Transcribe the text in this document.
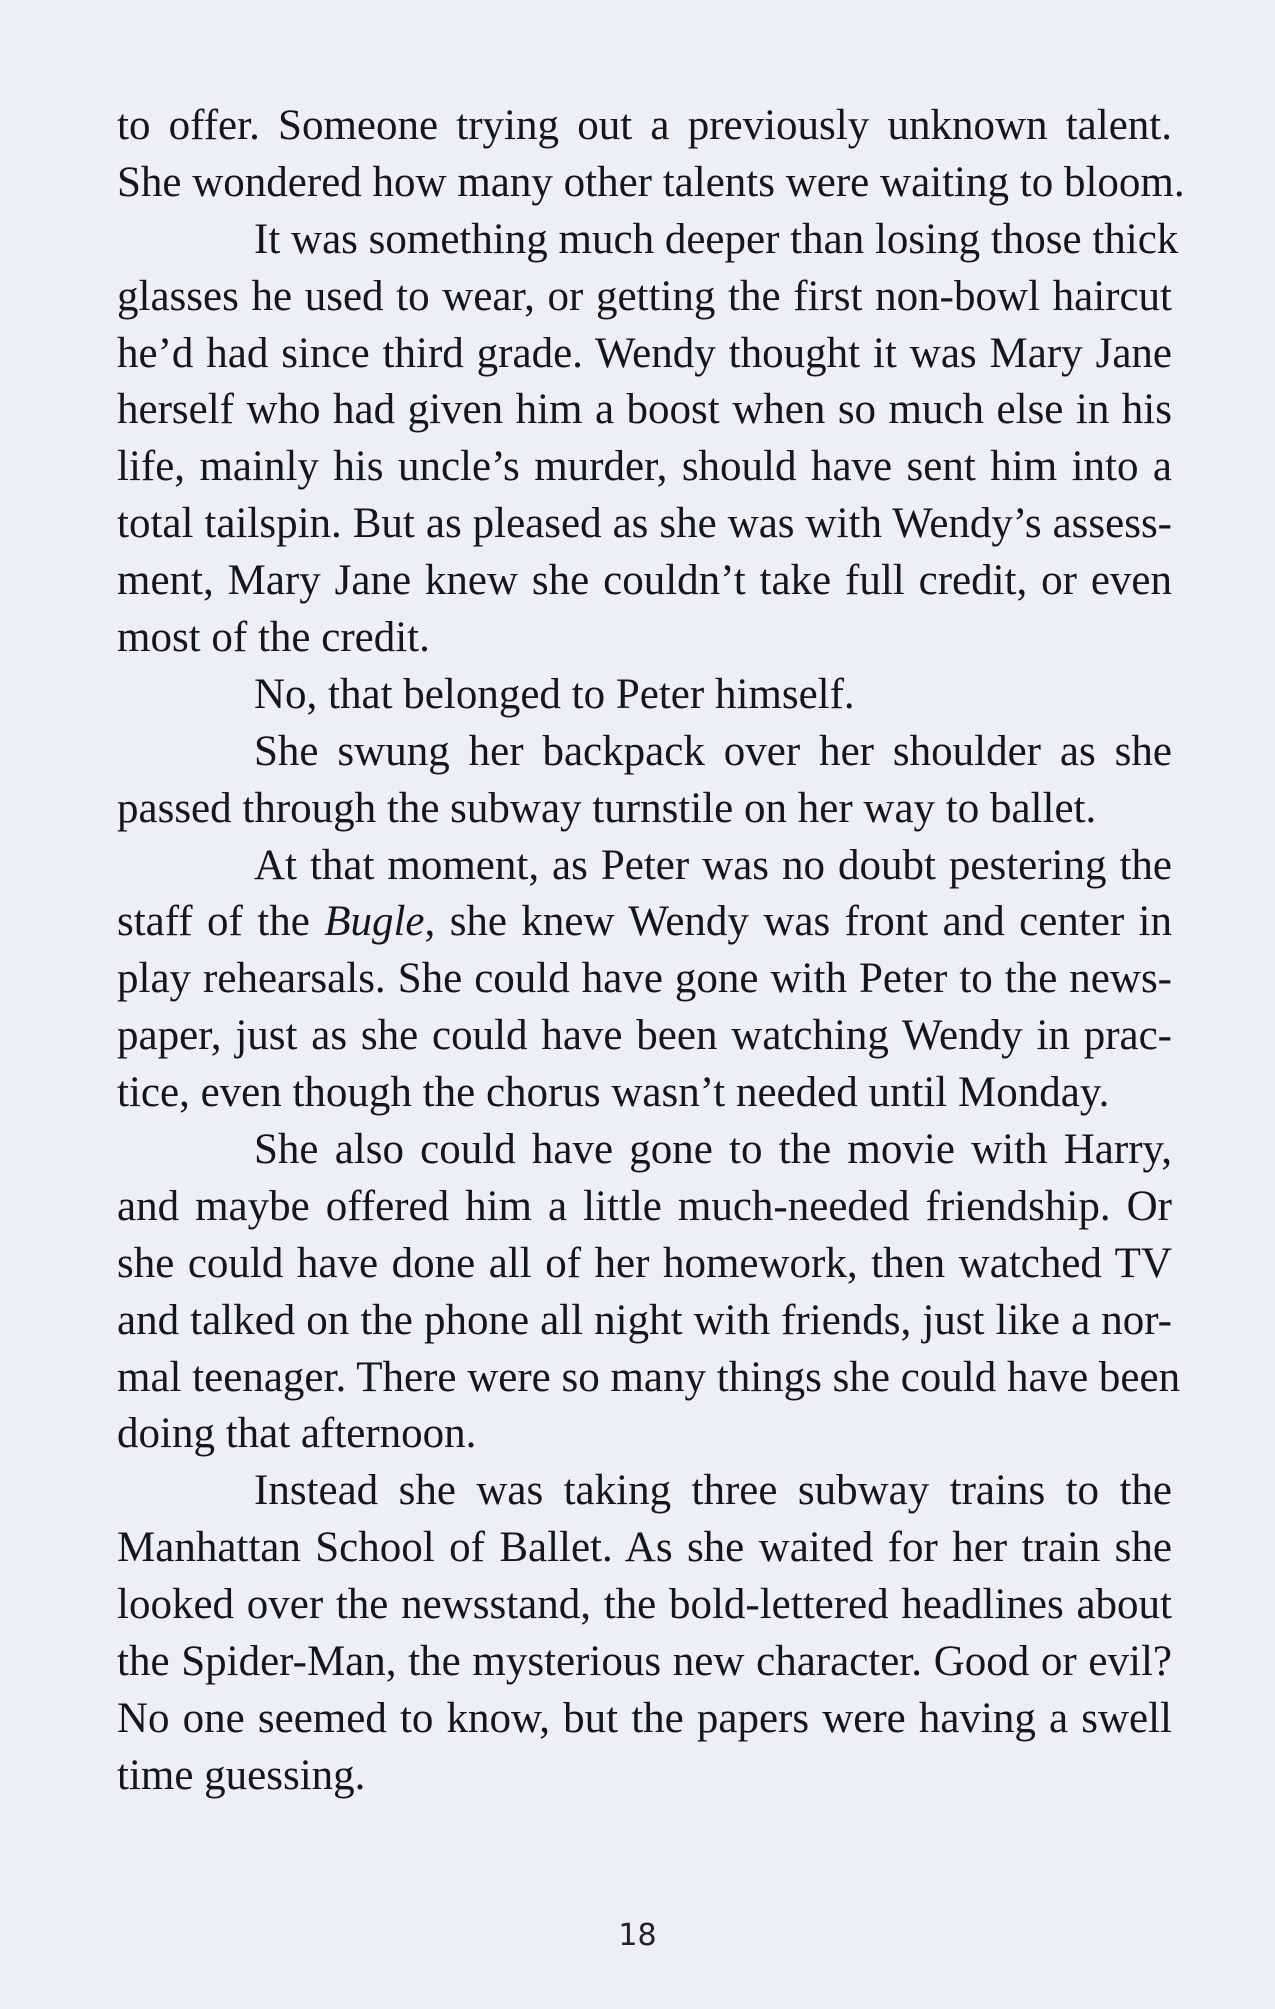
to offer. Someone trying out a previously unknown talent.
She wondered how many other talents were waiting to bloom.
It was something much deeper than losing those thick
glasses he used to wear, or getting the first non-bowl haircut
he’d had since third grade. Wendy thought it was Mary Jane
herself who had given him a boost when so much else in his
life, mainly his uncle’s murder, should have sent him into a
total tailspin. But as pleased as she was with Wendy’s assess-
ment, Mary Jane knew she couldn’t take full credit, or even
most of the credit.
No, that belonged to Peter himself.
She swung her backpack over her shoulder as she
passed through the subway turnstile on her way to ballet.
At that moment, as Peter was no doubt pestering the
staff of the Bugle, she knew Wendy was front and center in
play rehearsals. She could have gone with Peter to the news-
paper, just as she could have been watching Wendy in prac-
tice, even though the chorus wasn’t needed until Monday.
She also could have gone to the movie with Harry,
and maybe offered him a little much-needed friendship. Or
she could have done all of her homework, then watched TV
and talked on the phone all night with friends, just like a nor-
mal teenager. There were so many things she could have been
doing that afternoon.
Instead she was taking three subway trains to the
Manhattan School of Ballet. As she waited for her train she
looked over the newsstand, the bold-lettered headlines about
the Spider-Man, the mysterious new character. Good or evil?
No one seemed to know, but the papers were having a swell
time guessing.
18
